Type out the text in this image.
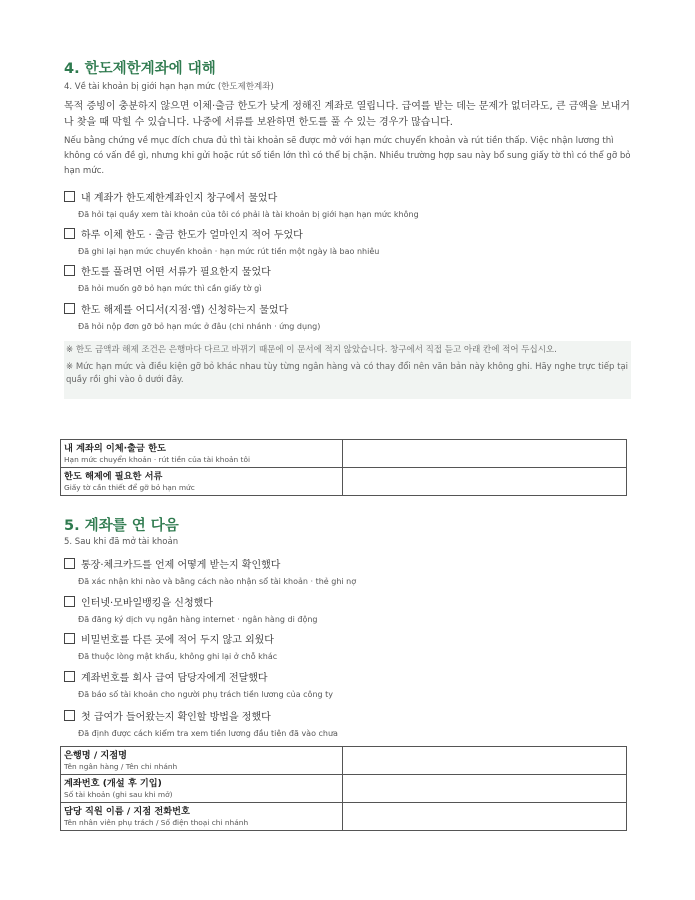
4. 한도제한계좌에 대해

4. Về tài khoản bị giới hạn hạn mức (한도제한계좌)

목적 증빙이 충분하지 않으면 이체·출금 한도가 낮게 정해진 계좌로 열립니다. 급여를 받는 데는 문제가 없더라도, 큰 금액을 보내거나 찾을 때 막힐 수 있습니다. 나중에 서류를 보완하면 한도를 풀 수 있는 경우가 많습니다.
Nếu bằng chứng về mục đích chưa đủ thì tài khoản sẽ được mở với hạn mức chuyển khoản và rút tiền thấp. Việc nhận lương thì không có vấn đề gì, nhưng khi gửi hoặc rút số tiền lớn thì có thể bị chặn. Nhiều trường hợp sau này bổ sung giấy tờ thì có thể gỡ bỏ hạn mức.
내 계좌가 한도제한계좌인지 창구에서 물었다
Đã hỏi tại quầy xem tài khoản của tôi có phải là tài khoản bị giới hạn hạn mức không
하루 이체 한도 · 출금 한도가 얼마인지 적어 두었다
Đã ghi lại hạn mức chuyển khoản · hạn mức rút tiền một ngày là bao nhiêu
한도를 풀려면 어떤 서류가 필요한지 물었다
Đã hỏi muốn gỡ bỏ hạn mức thì cần giấy tờ gì
한도 해제를 어디서(지점·앱) 신청하는지 물었다
Đã hỏi nộp đơn gỡ bỏ hạn mức ở đâu (chi nhánh · ứng dụng)

※ 한도 금액과 해제 조건은 은행마다 다르고 바뀌기 때문에 이 문서에 적지 않았습니다. 창구에서 직접 듣고 아래 칸에 적어 두십시오.

※ Mức hạn mức và điều kiện gỡ bỏ khác nhau tùy từng ngân hàng và có thay đổi nên văn bản này không ghi. Hãy nghe trực tiếp tại quầy rồi ghi vào ô dưới đây.

내 계좌의 이체·출금 한도
Hạn mức chuyển khoản · rút tiền của tài khoản tôi	

한도 해제에 필요한 서류
Giấy tờ cần thiết để gỡ bỏ hạn mức	

5. 계좌를 연 다음

5. Sau khi đã mở tài khoản

통장·체크카드를 언제 어떻게 받는지 확인했다
Đã xác nhận khi nào và bằng cách nào nhận sổ tài khoản · thẻ ghi nợ
인터넷·모바일뱅킹을 신청했다
Đã đăng ký dịch vụ ngân hàng internet · ngân hàng di động
비밀번호를 다른 곳에 적어 두지 않고 외웠다
Đã thuộc lòng mật khẩu, không ghi lại ở chỗ khác
계좌번호를 회사 급여 담당자에게 전달했다
Đã báo số tài khoản cho người phụ trách tiền lương của công ty
첫 급여가 들어왔는지 확인할 방법을 정했다
Đã định được cách kiểm tra xem tiền lương đầu tiên đã vào chưa
은행명 / 지점명
Tên ngân hàng / Tên chi nhánh	

계좌번호 (개설 후 기입)
Số tài khoản (ghi sau khi mở)	

담당 직원 이름 / 지점 전화번호
Tên nhân viên phụ trách / Số điện thoại chi nhánh	
